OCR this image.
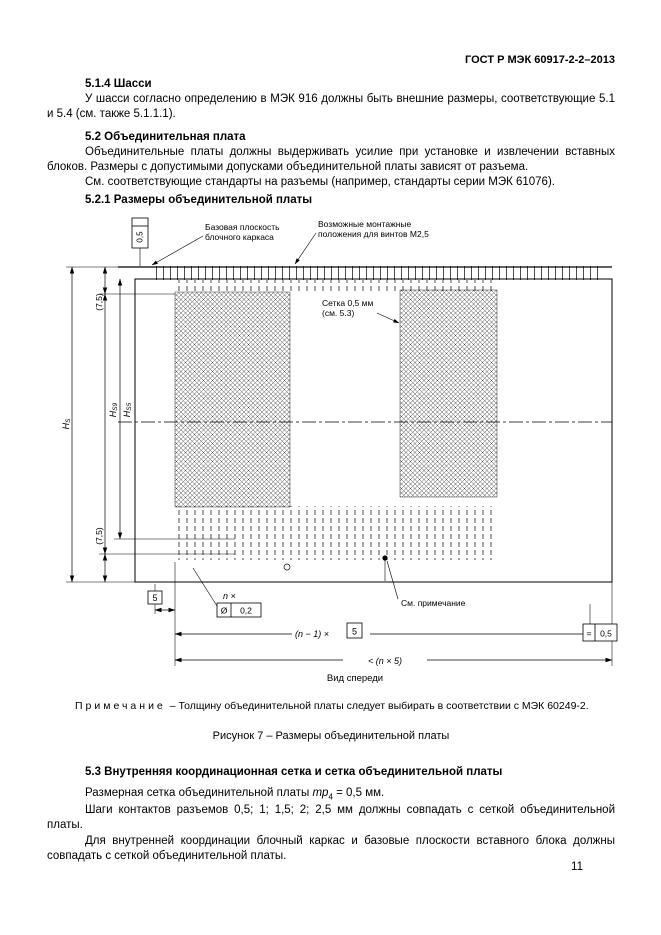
ГОСТ Р МЭК 60917-2-2–2013
5.1.4 Шасси

У шасси согласно определению в МЭК 916 должны быть внешние размеры, соответствующие 5.1 и 5.4 (см. также 5.1.1.1).

5.2 Объединительная плата

Объединительные платы должны выдерживать усилие при установке и извлечении вставных блоков. Размеры с допустимыми допусками объединительной платы зависят от разъема.

См. соответствующие стандарты на разъемы (например, стандарты серии МЭК 61076).

5.2.1 Размеры объединительной платы
0,5
Базовая плоскость
блочного каркаса
Возможные монтажные
положения для винтов М2,5
Сетка 0,5 мм
(см. 5.3)
$H_S$
$H_{S9}$
$H_{S5}$
(7,5)
(7,5)
5	n ×
Ø 0,2
(n − 1) ×	5	= 0,5
< (n × 5)
См. примечание
Вид спереди

Примечание – Толщину объединительной платы следует выбирать в соответствии с МЭК 60249-2.

Рисунок 7 – Размеры объединительной платы

5.3 Внутренняя координационная сетка и сетка объединительной платы

Размерная сетка объединительной платы $mp_4 = 0,5$ мм.

Шаги контактов разъемов 0,5; 1; 1,5; 2; 2,5 мм должны совпадать с сеткой объединительной платы.

Для внутренней координации блочный каркас и базовые плоскости вставного блока должны совпадать с сеткой объединительной платы.

11
